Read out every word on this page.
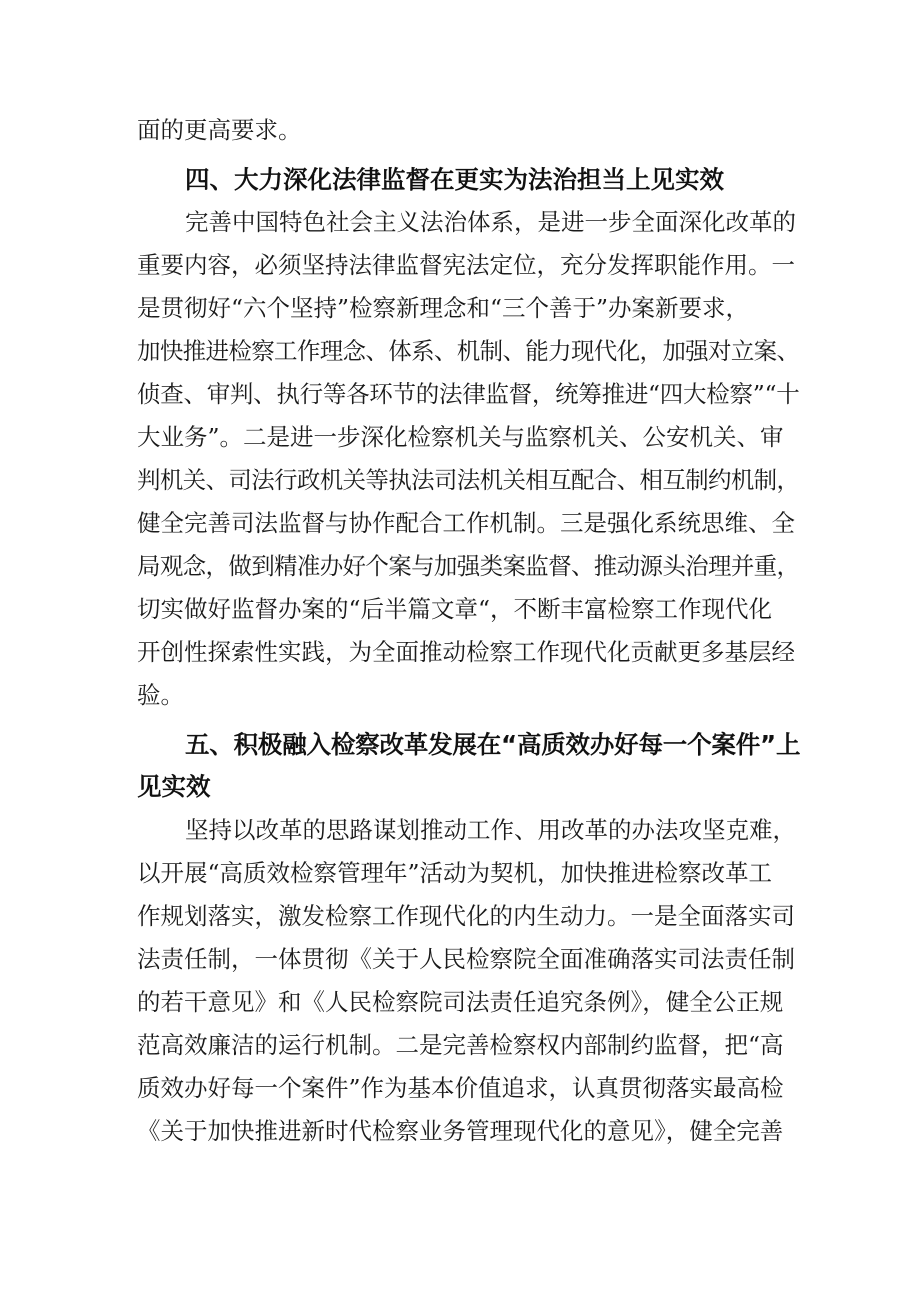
面的更高要求。
四、大力深化法律监督在更实为法治担当上见实效
完善中国特色社会主义法治体系，是进一步全面深化改革的
重要内容，必须坚持法律监督宪法定位，充分发挥职能作用。一
是贯彻好“六个坚持”检察新理念和“三个善于”办案新要求，
加快推进检察工作理念、体系、机制、能力现代化，加强对立案、
侦查、审判、执行等各环节的法律监督，统筹推进“四大检察”“十
大业务”。二是进一步深化检察机关与监察机关、公安机关、审
判机关、司法行政机关等执法司法机关相互配合、相互制约机制，
健全完善司法监督与协作配合工作机制。三是强化系统思维、全
局观念，做到精准办好个案与加强类案监督、推动源头治理并重，
切实做好监督办案的“后半篇文章“，不断丰富检察工作现代化
开创性探索性实践，为全面推动检察工作现代化贡献更多基层经
验。
五、积极融入检察改革发展在“高质效办好每一个案件”上
见实效
坚持以改革的思路谋划推动工作、用改革的办法攻坚克难，
以开展“高质效检察管理年”活动为契机，加快推进检察改革工
作规划落实，激发检察工作现代化的内生动力。一是全面落实司
法责任制，一体贯彻《关于人民检察院全面准确落实司法责任制
的若干意见》和《人民检察院司法责任追究条例》，健全公正规
范高效廉洁的运行机制。二是完善检察权内部制约监督，把“高
质效办好每一个案件”作为基本价值追求，认真贯彻落实最高检
《关于加快推进新时代检察业务管理现代化的意见》，健全完善
